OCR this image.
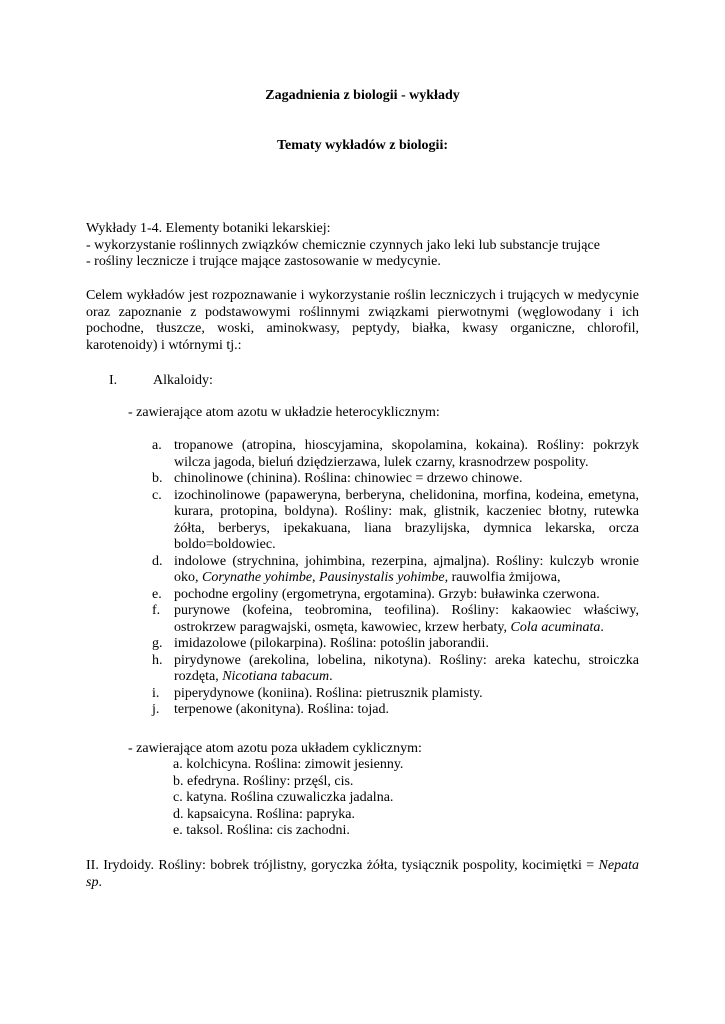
Zagadnienia z biologii - wykłady
Tematy wykładów z biologii:
Wykłady 1-4. Elementy botaniki lekarskiej:
- wykorzystanie roślinnych związków chemicznie czynnych jako leki lub substancje trujące
- rośliny lecznicze i trujące mające zastosowanie w medycynie.
Celem wykładów jest rozpoznawanie i wykorzystanie roślin leczniczych i trujących w medycynie oraz zapoznanie z podstawowymi roślinnymi związkami pierwotnymi (węglowodany i ich pochodne, tłuszcze, woski, aminokwasy, peptydy, białka, kwasy organiczne, chlorofil, karotenoidy) i wtórnymi tj.:
I.	Alkaloidy:
- zawierające atom azotu w układzie heterocyklicznym:
a. tropanowe (atropina, hioscyjamina, skopolamina, kokaina). Rośliny: pokrzyk wilcza jagoda, bieluń dziędzierzawa, lulek czarny, krasnodrzew pospolity.
b. chinolinowe (chinina). Roślina: chinowiec = drzewo chinowe.
c. izochinolinowe (papaweryna, berberyna, chelidonina, morfina, kodeina, emetyna, kurara, protopina, boldyna). Rośliny: mak, glistnik, kaczeniec błotny, rutewka żółta, berberys, ipekakuana, liana brazylijska, dymnica lekarska, orcza boldo=boldowiec.
d. indolowe (strychnina, johimbina, rezerpina, ajmaljna). Rośliny: kulczyb wronie oko, Corynathe yohimbe, Pausinystalis yohimbe, rauwolfia żmijowa,
e. pochodne ergoliny (ergometryna, ergotamina). Grzyb: buławinka czerwona.
f. purynowe (kofeina, teobromina, teofilina). Rośliny: kakaowiec właściwy, ostrokrzew paragwajski, osmęta, kawowiec, krzew herbaty, Cola acuminata.
g. imidazolowe (pilokarpina). Roślina: potoślin jaborandii.
h. pirydynowe (arekolina, lobelina, nikotyna). Rośliny: areka katechu, stroiczka rozdęta, Nicotiana tabacum.
i. piperydynowe (koniina). Roślina: pietrusznik plamisty.
j. terpenowe (akonityna). Roślina: tojad.
- zawierające atom azotu poza układem cyklicznym:
a. kolchicyna. Roślina: zimowit jesienny.
b. efedryna. Rośliny: przęśl, cis.
c. katyna. Roślina czuwaliczka jadalna.
d. kapsaicyna. Roślina: papryka.
e. taksol. Roślina: cis zachodni.
II. Irydoidy. Rośliny: bobrek trójlistny, goryczka żółta, tysiącznik pospolity, kocimiętki = Nepata sp.
